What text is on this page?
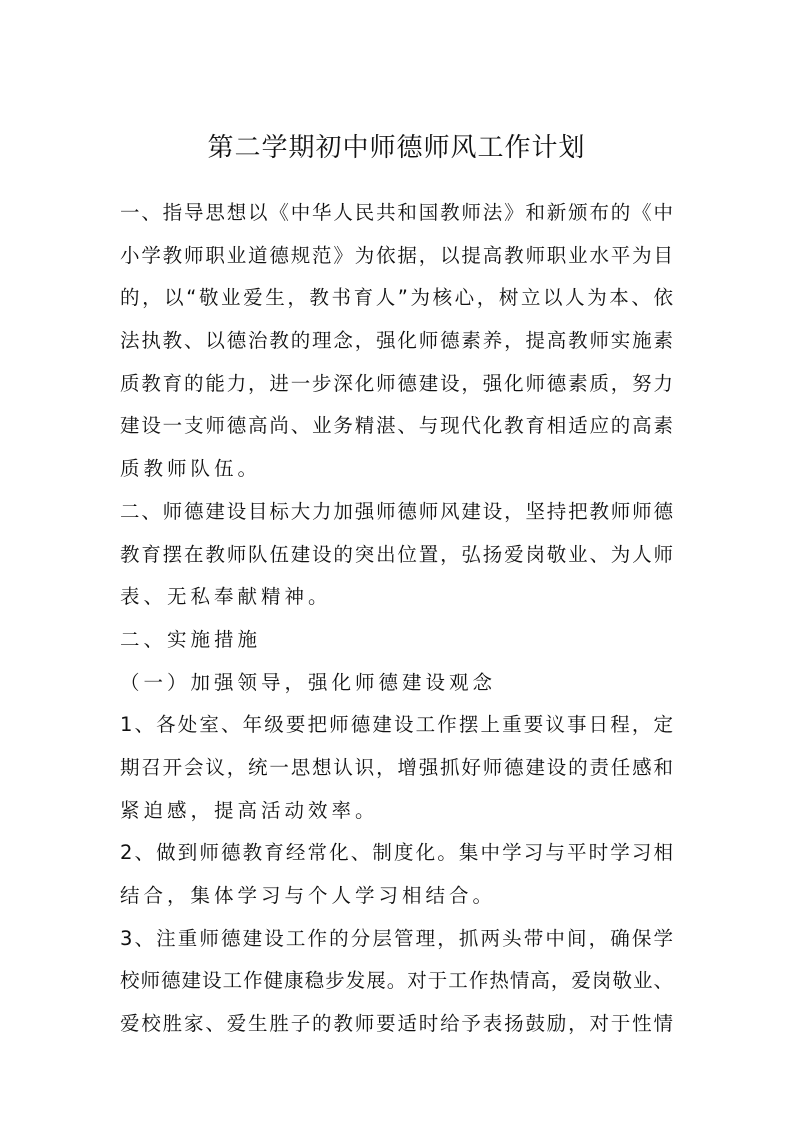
第二学期初中师德师风工作计划
一、指导思想以《中华人民共和国教师法》和新颁布的《中
小学教师职业道德规范》为依据，以提高教师职业水平为目
的，以“敬业爱生，教书育人”为核心，树立以人为本、依
法执教、以德治教的理念，强化师德素养，提高教师实施素
质教育的能力，进一步深化师德建设，强化师德素质，努力
建设一支师德高尚、业务精湛、与现代化教育相适应的高素
质教师队伍。
二、师德建设目标大力加强师德师风建设，坚持把教师师德
教育摆在教师队伍建设的突出位置，弘扬爱岗敬业、为人师
表、无私奉献精神。
二、实施措施
（一）加强领导，强化师德建设观念
1、各处室、年级要把师德建设工作摆上重要议事日程，定
期召开会议，统一思想认识，增强抓好师德建设的责任感和
紧迫感，提高活动效率。
2、做到师德教育经常化、制度化。集中学习与平时学习相
结合，集体学习与个人学习相结合。
3、注重师德建设工作的分层管理，抓两头带中间，确保学
校师德建设工作健康稳步发展。对于工作热情高，爱岗敬业、
爱校胜家、爱生胜子的教师要适时给予表扬鼓励，对于性情
